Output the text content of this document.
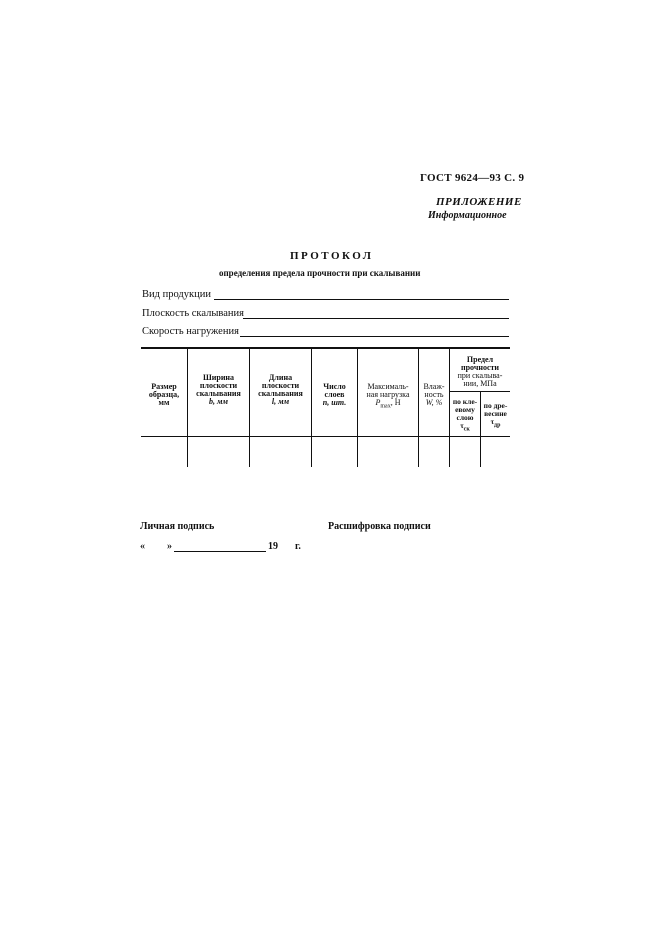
ГОСТ 9624—93 С. 9
ПРИЛОЖЕНИЕ
Информационное
ПРОТОКОЛ
определения предела прочности при скалывании
Вид продукции
Плоскость скалывания
Скорость нагружения
Размер
образца,
мм
Ширина
плоскости
скалывания
b, мм
Длина
плоскости
скалывания
l, мм
Число
слоев
n, шт.
Максималь-
ная нагрузка
$P_{max}$, Н
Влаж-
ность
W, %
Предел
прочности
при скалыва-
нии, МПа
по кле-
евому
слою
$\tau_{ск}$
по дре-
весине
$\tau_{др}$
Личная подпись	Расшифровка подписи
« »	19 г.
